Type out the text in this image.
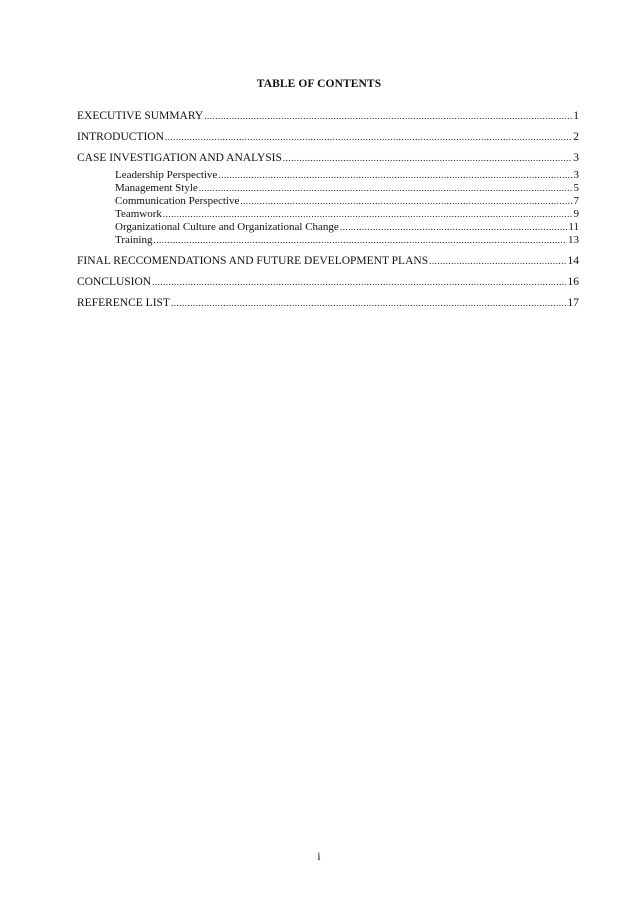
TABLE OF CONTENTS
EXECUTIVE SUMMARY .....	1
INTRODUCTION .....	2
CASE INVESTIGATION AND ANALYSIS .....	3
Leadership Perspective .....	3
Management Style .....	5
Communication Perspective .....	7
Teamwork .....	9
Organizational Culture and Organizational Change .....	11
Training .....	13
FINAL RECCOMENDATIONS AND FUTURE DEVELOPMENT PLANS .....	14
CONCLUSION .....	16
REFERENCE LIST .....	17
i
